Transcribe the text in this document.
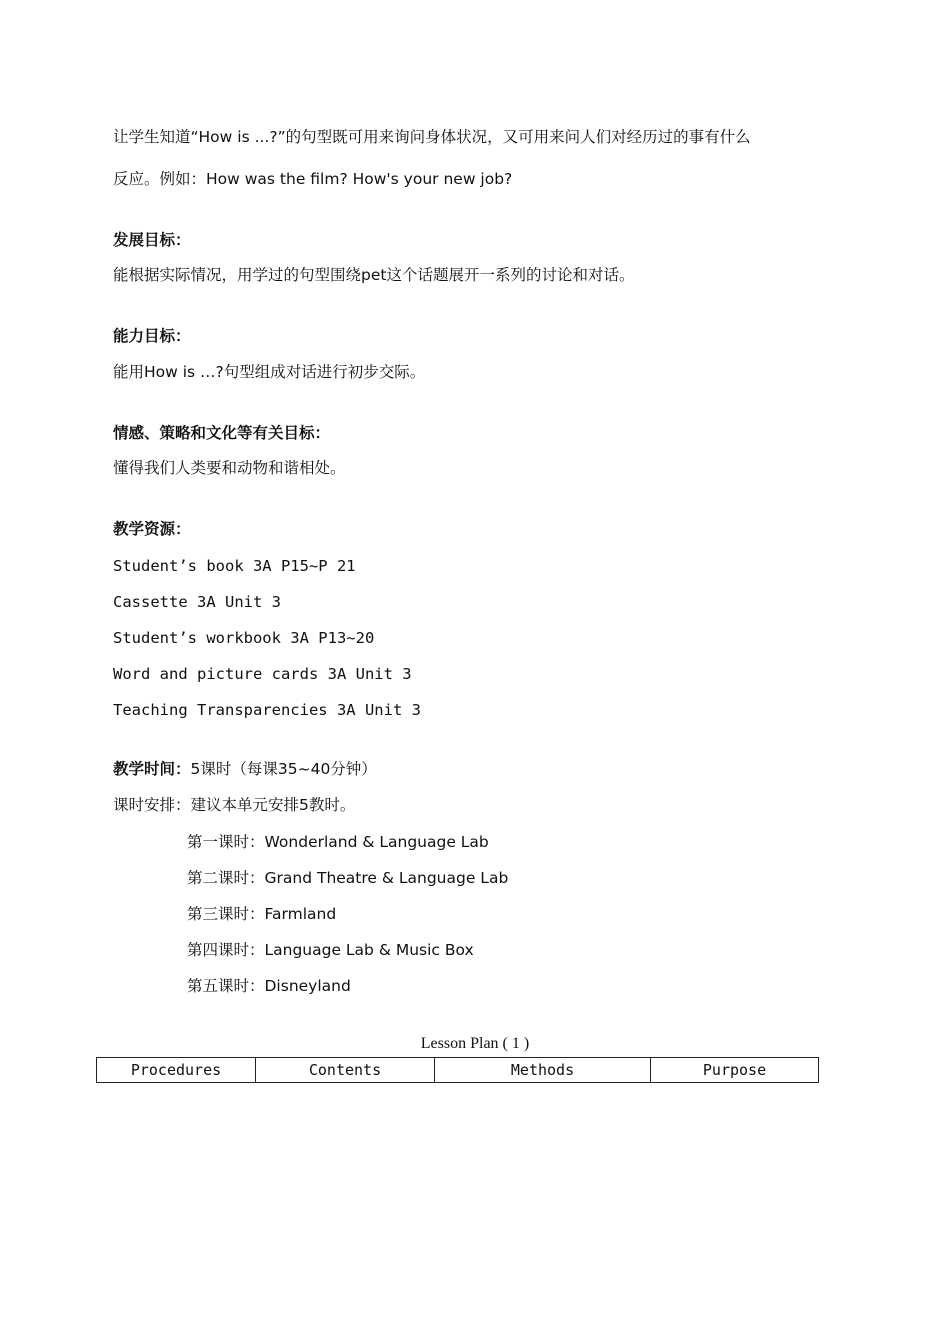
让学生知道“How is ...?”的句型既可用来询问身体状况，又可用来问人们对经历过的事有什么
反应。例如：How was the film? How's your new job?
发展目标：
能根据实际情况，用学过的句型围绕pet这个话题展开一系列的讨论和对话。
能力目标：
能用How is …?句型组成对话进行初步交际。
情感、策略和文化等有关目标：
懂得我们人类要和动物和谐相处。
教学资源：
Student’s book 3A P15~P 21
Cassette 3A Unit 3
Student’s workbook 3A P13~20
Word and picture cards 3A Unit 3
Teaching Transparencies 3A Unit 3
教学时间：5课时（每课35~40分钟）
课时安排：建议本单元安排5教时。
第一课时：Wonderland & Language Lab
第二课时：Grand Theatre & Language Lab
第三课时：Farmland
第四课时：Language Lab & Music Box
第五课时：Disneyland
Lesson Plan ( 1 )
Procedures	Contents	Methods	Purpose
